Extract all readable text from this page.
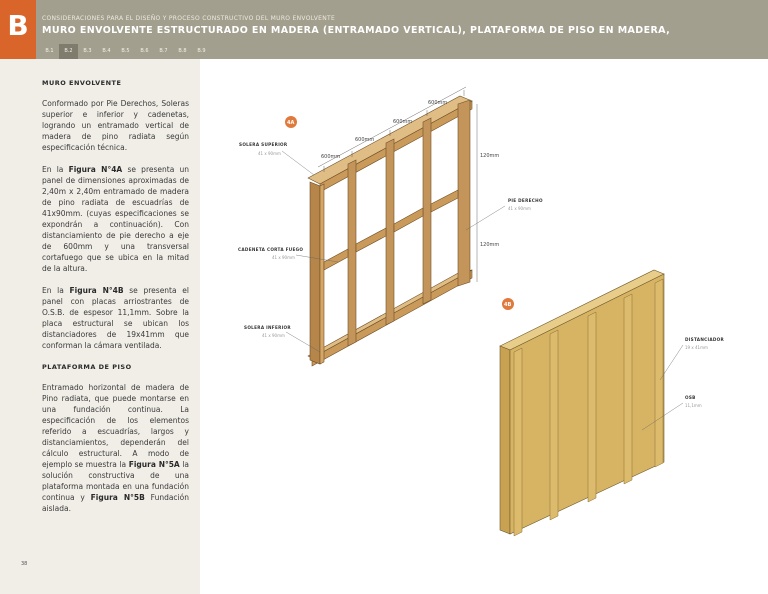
B	CONSIDERACIONES PARA EL DISEÑO Y PROCESO CONSTRUCTIVO DEL MURO ENVOLVENTE
MURO ENVOLVENTE ESTRUCTURADO EN MADERA (ENTRAMADO VERTICAL), PLATAFORMA DE PISO EN MADERA,
B.1	B.2	B.3	B.4	B.5	B.6	B.7	B.8	B.9
MURO ENVOLVENTE

Conformado por Pie Derechos, Soleras superior e inferior y cadenetas, logrando un entramado vertical de madera de pino radiata según especificación técnica.

En la Figura N°4A se presenta un panel de dimensiones aproximadas de 2,40m x 2,40m entramado de madera de pino radiata de escuadrías de 41x90mm. (cuyas especificaciones se expondrán a continuación). Con distanciamiento de pie derecho a eje de 600mm y una transversal cortafuego que se ubica en la mitad de la altura.

En la Figura N°4B se presenta el panel con placas arriostrantes de O.S.B. de espesor 11,1mm. Sobre la placa estructural se ubican los distanciadores de 19x41mm que conforman la cámara ventilada.

PLATAFORMA DE PISO

Entramado horizontal de madera de Pino radiata, que puede montarse en una fundación continua. La especificación de los elementos referido a escuadrías, largos y distanciamientos, dependerán del cálculo estructural. A modo de ejemplo se muestra la Figura N°5A la solución constructiva de una plataforma montada en una fundación continua y Figura N°5B Fundación aislada.

38
600mm
600mm
600mm
600mm
120mm
120mm
4A
SOLERA SUPERIOR
41 x 90mm
PIE DERECHO
41 x 90mm
CADENETA CORTA FUEGO
41 x 90mm
SOLERA INFERIOR
41 x 90mm
4B
DISTANCIADOR
19 x 41mm
OSB
11,1mm
